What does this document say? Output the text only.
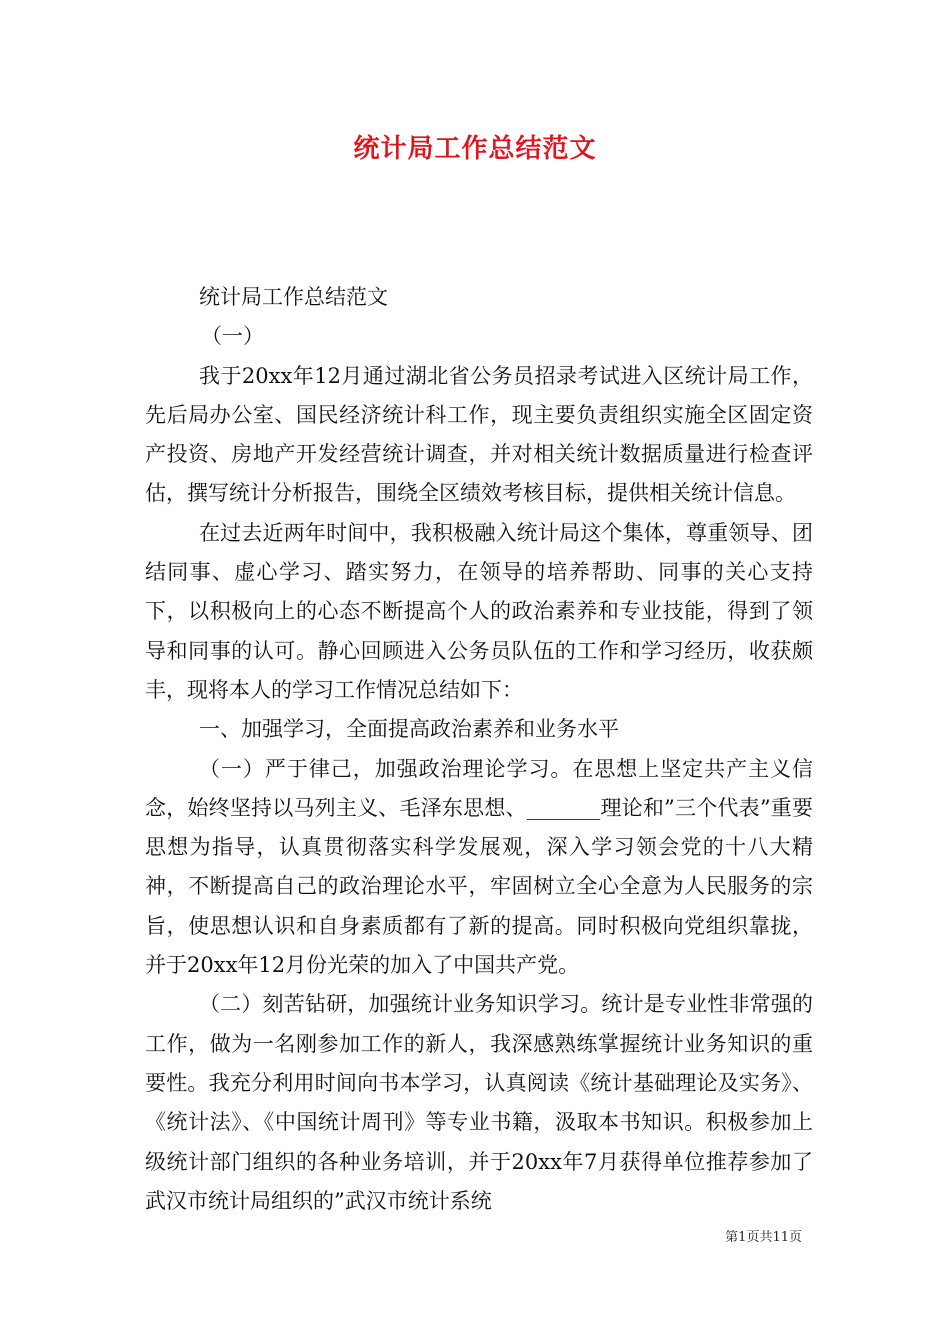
统计局工作总结范文

统计局工作总结范文

（一）

我于20xx年12月通过湖北省公务员招录考试进入区统计局工作，先后局办公室、国民经济统计科工作，现主要负责组织实施全区固定资产投资、房地产开发经营统计调查，并对相关统计数据质量进行检查评估，撰写统计分析报告，围绕全区绩效考核目标，提供相关统计信息。

在过去近两年时间中，我积极融入统计局这个集体，尊重领导、团结同事、虚心学习、踏实努力，在领导的培养帮助、同事的关心支持下，以积极向上的心态不断提高个人的政治素养和专业技能，得到了领导和同事的认可。静心回顾进入公务员队伍的工作和学习经历，收获颇丰，现将本人的学习工作情况总结如下：

一、加强学习，全面提高政治素养和业务水平

（一）严于律己，加强政治理论学习。在思想上坚定共产主义信念，始终坚持以马列主义、毛泽东思想、_______理论和”三个代表”重要思想为指导，认真贯彻落实科学发展观，深入学习领会党的十八大精神，不断提高自己的政治理论水平，牢固树立全心全意为人民服务的宗旨，使思想认识和自身素质都有了新的提高。同时积极向党组织靠拢，并于20xx年12月份光荣的加入了中国共产党。

（二）刻苦钻研，加强统计业务知识学习。统计是专业性非常强的工作，做为一名刚参加工作的新人，我深感熟练掌握统计业务知识的重要性。我充分利用时间向书本学习，认真阅读《统计基础理论及实务》、《统计法》、《中国统计周刊》等专业书籍，汲取本书知识。积极参加上级统计部门组织的各种业务培训，并于20xx年7月获得单位推荐参加了武汉市统计局组织的”武汉市统计系统

第1页共11页
